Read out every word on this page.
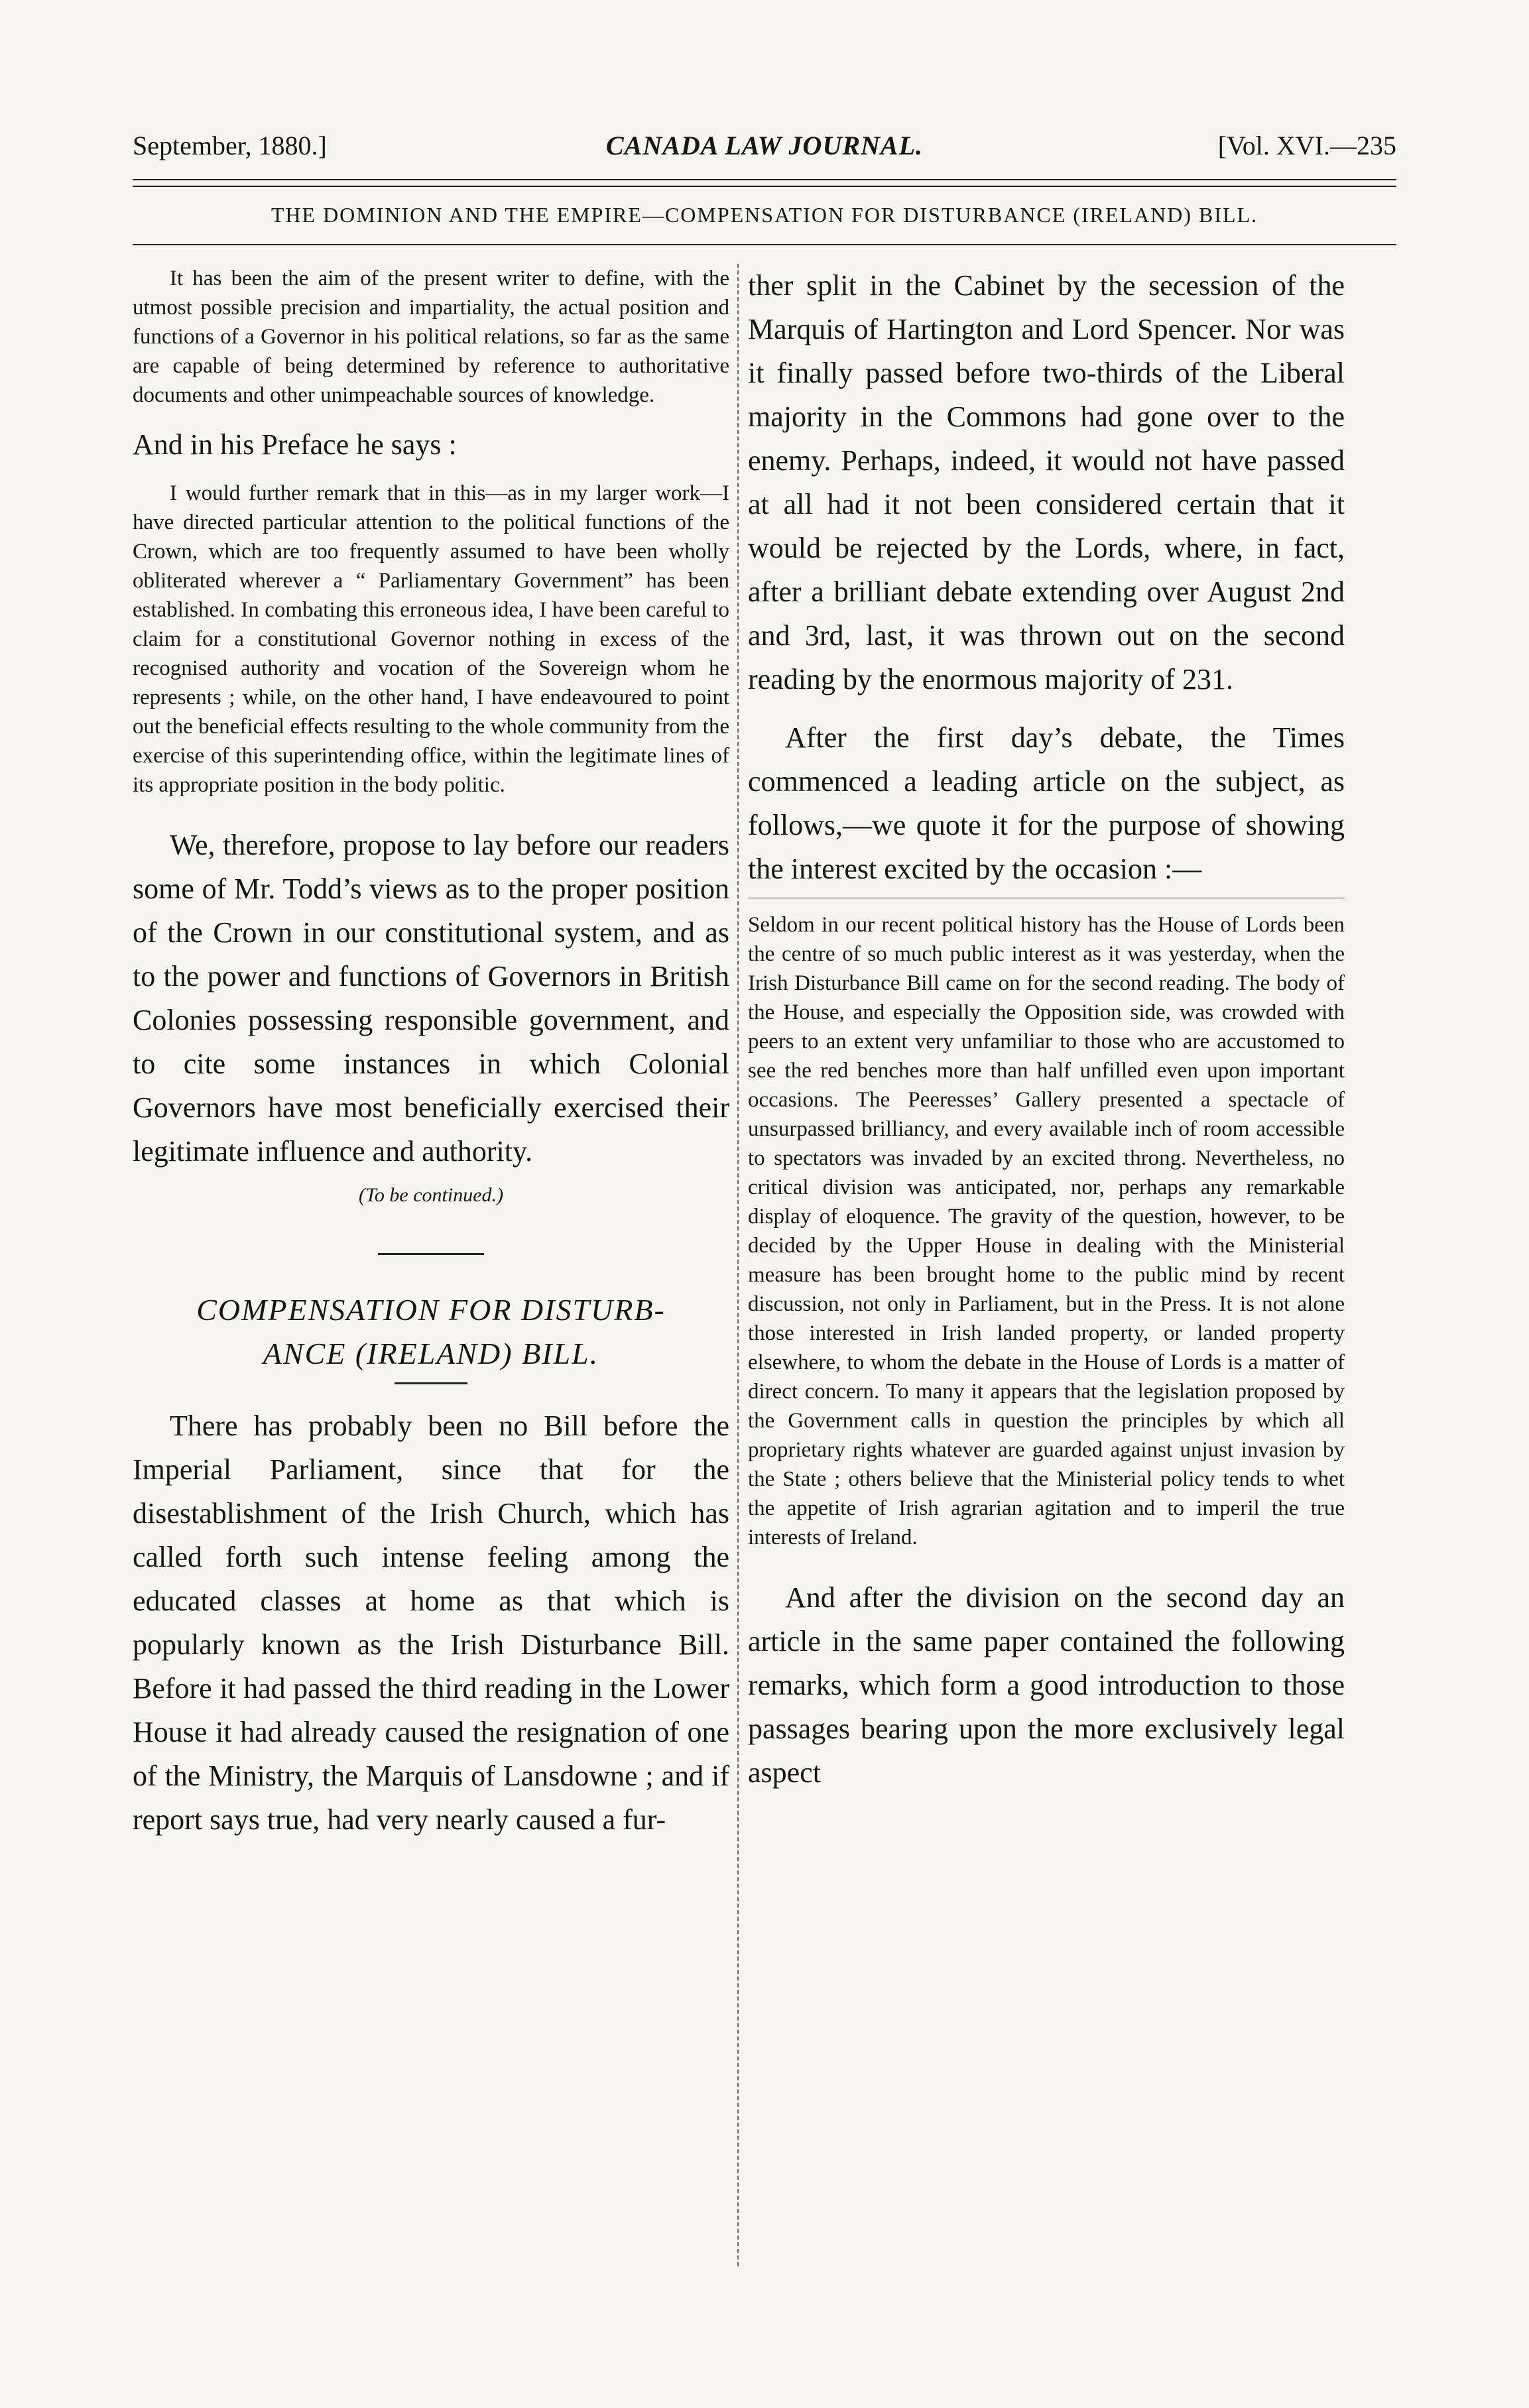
September, 1880.]	CANADA LAW JOURNAL.	[Vol. XVI.—235
THE DOMINION AND THE EMPIRE—COMPENSATION FOR DISTURBANCE (IRELAND) BILL.

It has been the aim of the present writer to define, with the utmost possible precision and impartiality, the actual position and functions of a Governor in his political relations, so far as the same are capable of being determined by reference to authoritative documents and other unimpeachable sources of knowledge.

And in his Preface he says :

I would further remark that in this—as in my larger work—I have directed particular attention to the political functions of the Crown, which are too frequently assumed to have been wholly obliterated wherever a “ Parliamentary Government” has been established. In combating this erroneous idea, I have been careful to claim for a constitutional Governor nothing in excess of the recognised authority and vocation of the Sovereign whom he represents ; while, on the other hand, I have endeavoured to point out the beneficial effects resulting to the whole community from the exercise of this superintending office, within the legitimate lines of its appropriate position in the body politic.

We, therefore, propose to lay before our readers some of Mr. Todd’s views as to the proper position of the Crown in our constitutional system, and as to the power and functions of Governors in British Colonies possessing responsible government, and to cite some instances in which Colonial Governors have most beneficially exercised their legitimate influence and authority.

(To be continued.)

COMPENSATION FOR DISTURB-
ANCE (IRELAND) BILL.

There has probably been no Bill before the Imperial Parliament, since that for the disestablishment of the Irish Church, which has called forth such intense feeling among the educated classes at home as that which is popularly known as the Irish Disturbance Bill. Before it had passed the third reading in the Lower House it had already caused the resignation of one of the Ministry, the Marquis of Lansdowne ; and if report says true, had very nearly caused a fur-

ther split in the Cabinet by the secession of the Marquis of Hartington and Lord Spencer. Nor was it finally passed before two-thirds of the Liberal majority in the Commons had gone over to the enemy. Perhaps, indeed, it would not have passed at all had it not been considered certain that it would be rejected by the Lords, where, in fact, after a brilliant debate extending over August 2nd and 3rd, last, it was thrown out on the second reading by the enormous majority of 231.

After the first day’s debate, the Times commenced a leading article on the subject, as follows,—we quote it for the purpose of showing the interest excited by the occasion :—

Seldom in our recent political history has the House of Lords been the centre of so much public interest as it was yesterday, when the Irish Disturbance Bill came on for the second reading. The body of the House, and especially the Opposition side, was crowded with peers to an extent very unfamiliar to those who are accustomed to see the red benches more than half unfilled even upon important occasions. The Peeresses’ Gallery presented a spectacle of unsurpassed brilliancy, and every available inch of room accessible to spectators was invaded by an excited throng. Nevertheless, no critical division was anticipated, nor, perhaps any remarkable display of eloquence. The gravity of the question, however, to be decided by the Upper House in dealing with the Ministerial measure has been brought home to the public mind by recent discussion, not only in Parliament, but in the Press. It is not alone those interested in Irish landed property, or landed property elsewhere, to whom the debate in the House of Lords is a matter of direct concern. To many it appears that the legislation proposed by the Government calls in question the principles by which all proprietary rights whatever are guarded against unjust invasion by the State ; others believe that the Ministerial policy tends to whet the appetite of Irish agrarian agitation and to imperil the true interests of Ireland.

And after the division on the second day an article in the same paper contained the following remarks, which form a good introduction to those passages bearing upon the more exclusively legal aspect
